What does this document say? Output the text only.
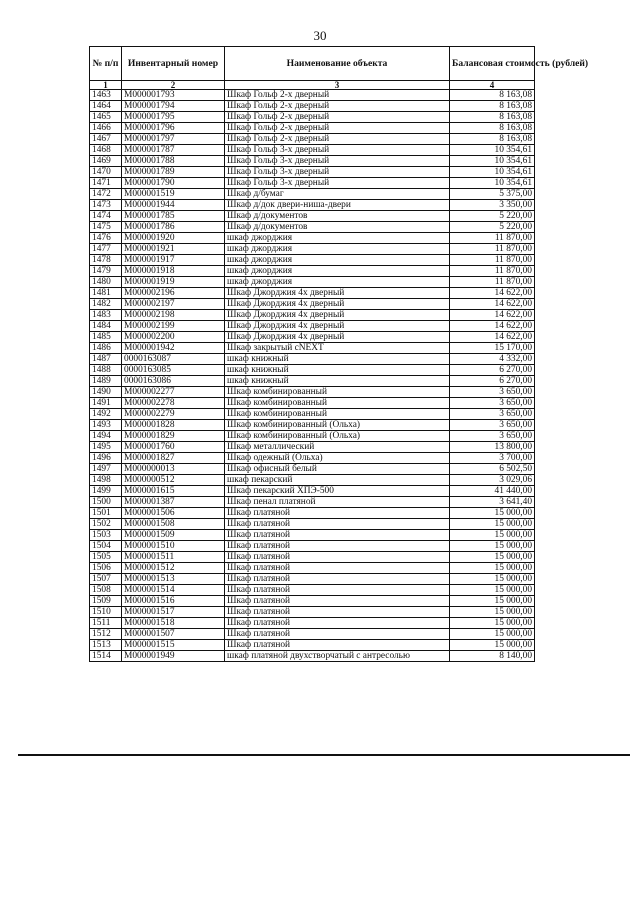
30
№ п/п	Инвентарный номер	Наименование объекта	Балансовая стоимость (рублей)
1	2	3	4
1463	М000001793	Шкаф Гольф 2-х дверный	8 163,08
1464	М000001794	Шкаф Гольф 2-х дверный	8 163,08
1465	М000001795	Шкаф Гольф 2-х дверный	8 163,08
1466	М000001796	Шкаф Гольф 2-х дверный	8 163,08
1467	М000001797	Шкаф Гольф 2-х дверный	8 163,08
1468	М000001787	Шкаф Гольф 3-х дверный	10 354,61
1469	М000001788	Шкаф Гольф 3-х дверный	10 354,61
1470	М000001789	Шкаф Гольф 3-х дверный	10 354,61
1471	М000001790	Шкаф Гольф 3-х дверный	10 354,61
1472	М000001519	Шкаф д/бумаг	5 375,00
1473	М000001944	Шкаф д/док двери-ниша-двери	3 350,00
1474	М000001785	Шкаф д/документов	5 220,00
1475	М000001786	Шкаф д/документов	5 220,00
1476	М000001920	шкаф джорджия	11 870,00
1477	М000001921	шкаф джорджия	11 870,00
1478	М000001917	шкаф джорджия	11 870,00
1479	М000001918	шкаф джорджия	11 870,00
1480	М000001919	шкаф джорджия	11 870,00
1481	М000002196	Шкаф Джорджия 4х дверный	14 622,00
1482	М000002197	Шкаф Джорджия 4х дверный	14 622,00
1483	М000002198	Шкаф Джорджия 4х дверный	14 622,00
1484	М000002199	Шкаф Джорджия 4х дверный	14 622,00
1485	М000002200	Шкаф Джорджия 4х дверный	14 622,00
1486	М000001942	Шкаф закрытый cNEXT	15 170,00
1487	0000163087	шкаф книжный	4 332,00
1488	0000163085	шкаф книжный	6 270,00
1489	0000163086	шкаф книжный	6 270,00
1490	М000002277	Шкаф комбинированный	3 650,00
1491	М000002278	Шкаф комбинированный	3 650,00
1492	М000002279	Шкаф комбинированный	3 650,00
1493	М000001828	Шкаф комбинированный (Ольха)	3 650,00
1494	М000001829	Шкаф комбинированный (Ольха)	3 650,00
1495	М000001760	Шкаф металлический	13 800,00
1496	М000001827	Шкаф одежный (Ольха)	3 700,00
1497	М000000013	Шкаф офисный белый	6 502,50
1498	М000000512	шкаф пекарский	3 029,06
1499	М000001615	Шкаф пекарский ХПЭ-500	41 440,00
1500	М000001387	Шкаф пенал платяной	3 641,40
1501	М000001506	Шкаф платяной	15 000,00
1502	М000001508	Шкаф платяной	15 000,00
1503	М000001509	Шкаф платяной	15 000,00
1504	М000001510	Шкаф платяной	15 000,00
1505	М000001511	Шкаф платяной	15 000,00
1506	М000001512	Шкаф платяной	15 000,00
1507	М000001513	Шкаф платяной	15 000,00
1508	М000001514	Шкаф платяной	15 000,00
1509	М000001516	Шкаф платяной	15 000,00
1510	М000001517	Шкаф платяной	15 000,00
1511	М000001518	Шкаф платяной	15 000,00
1512	М000001507	Шкаф платяной	15 000,00
1513	М000001515	Шкаф платяной	15 000,00
1514	М000001949	шкаф платяной двухстворчатый с антресолью	8 140,00
